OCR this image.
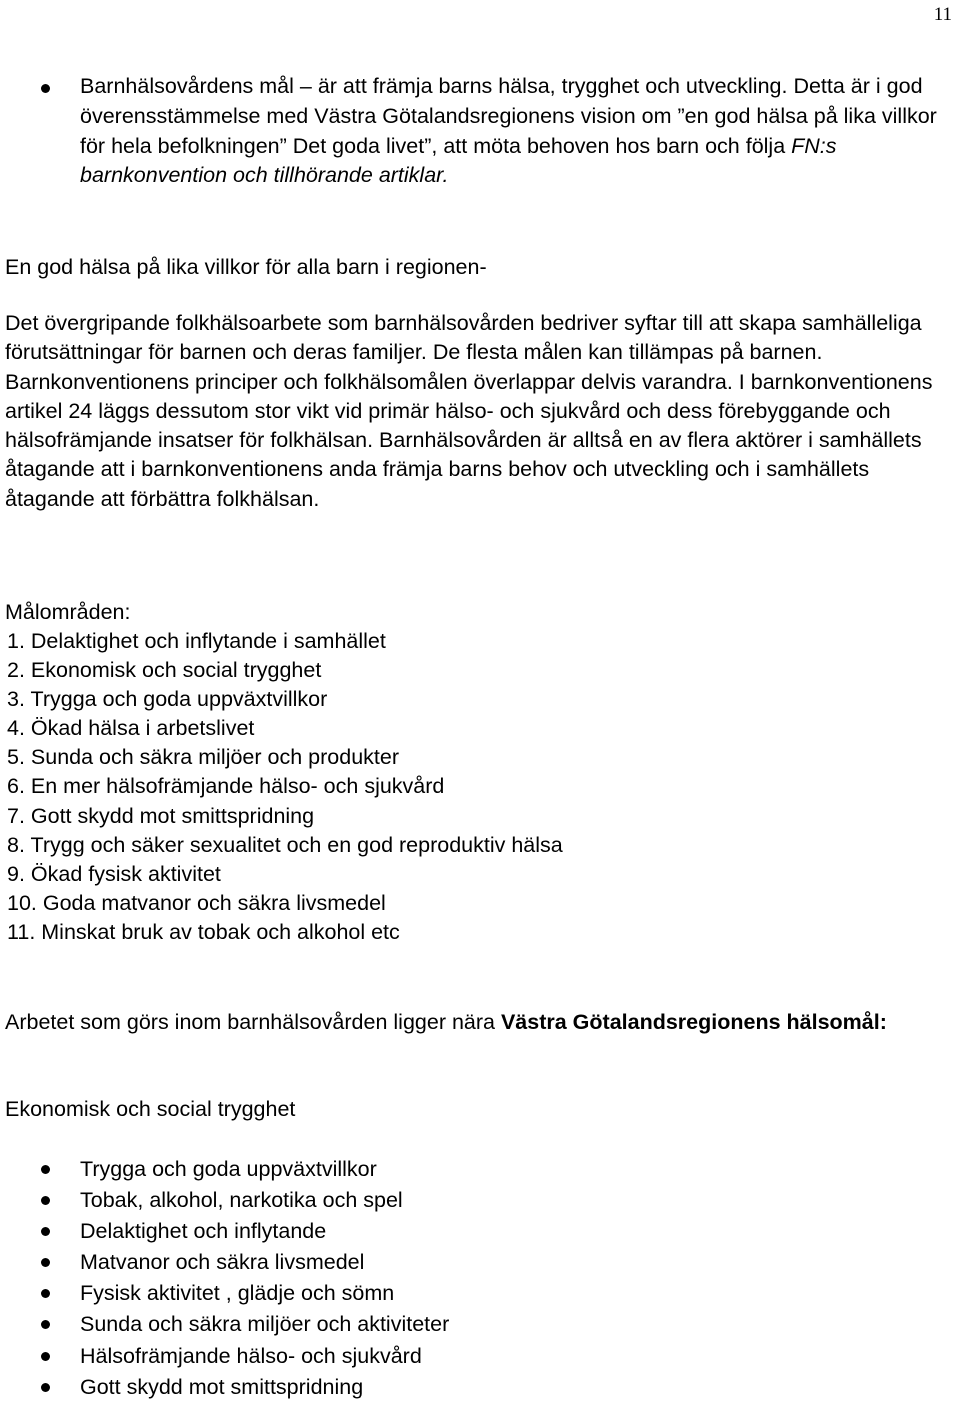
11
Barnhälsovårdens mål – är att främja barns hälsa, trygghet och utveckling. Detta är i god överensstämmelse med Västra Götalandsregionens vision om ”en god hälsa på lika villkor för hela befolkningen” Det goda livet”, att möta behoven hos barn och följa FN:s barnkonvention och tillhörande artiklar.
En god hälsa på lika villkor för alla barn i regionen-
Det övergripande folkhälsoarbete som barnhälsovården bedriver syftar till att skapa samhälleliga förutsättningar för barnen och deras familjer. De flesta målen kan tillämpas på barnen. Barnkonventionens principer och folkhälsomålen överlappar delvis varandra. I barnkonventionens artikel 24 läggs dessutom stor vikt vid primär hälso- och sjukvård och dess förebyggande och hälsofrämjande insatser för folkhälsan. Barnhälsovården är alltså en av flera aktörer i samhällets åtagande att i barnkonventionens anda främja barns behov och utveckling och i samhällets åtagande att förbättra folkhälsan.
Målområden:
1. Delaktighet och inflytande i samhället
2. Ekonomisk och social trygghet
3. Trygga och goda uppväxtvillkor
4. Ökad hälsa i arbetslivet
5. Sunda och säkra miljöer och produkter
6. En mer hälsofrämjande hälso- och sjukvård
7. Gott skydd mot smittspridning
8. Trygg och säker sexualitet och en god reproduktiv hälsa
9. Ökad fysisk aktivitet
10. Goda matvanor och säkra livsmedel
11. Minskat bruk av tobak och alkohol etc
Arbetet som görs inom barnhälsovården ligger nära Västra Götalandsregionens hälsomål:
Ekonomisk och social trygghet
Trygga och goda uppväxtvillkor
Tobak, alkohol, narkotika och spel
Delaktighet och inflytande
Matvanor och säkra livsmedel
Fysisk aktivitet , glädje och sömn
Sunda och säkra miljöer och aktiviteter
Hälsofrämjande hälso- och sjukvård
Gott skydd mot smittspridning
